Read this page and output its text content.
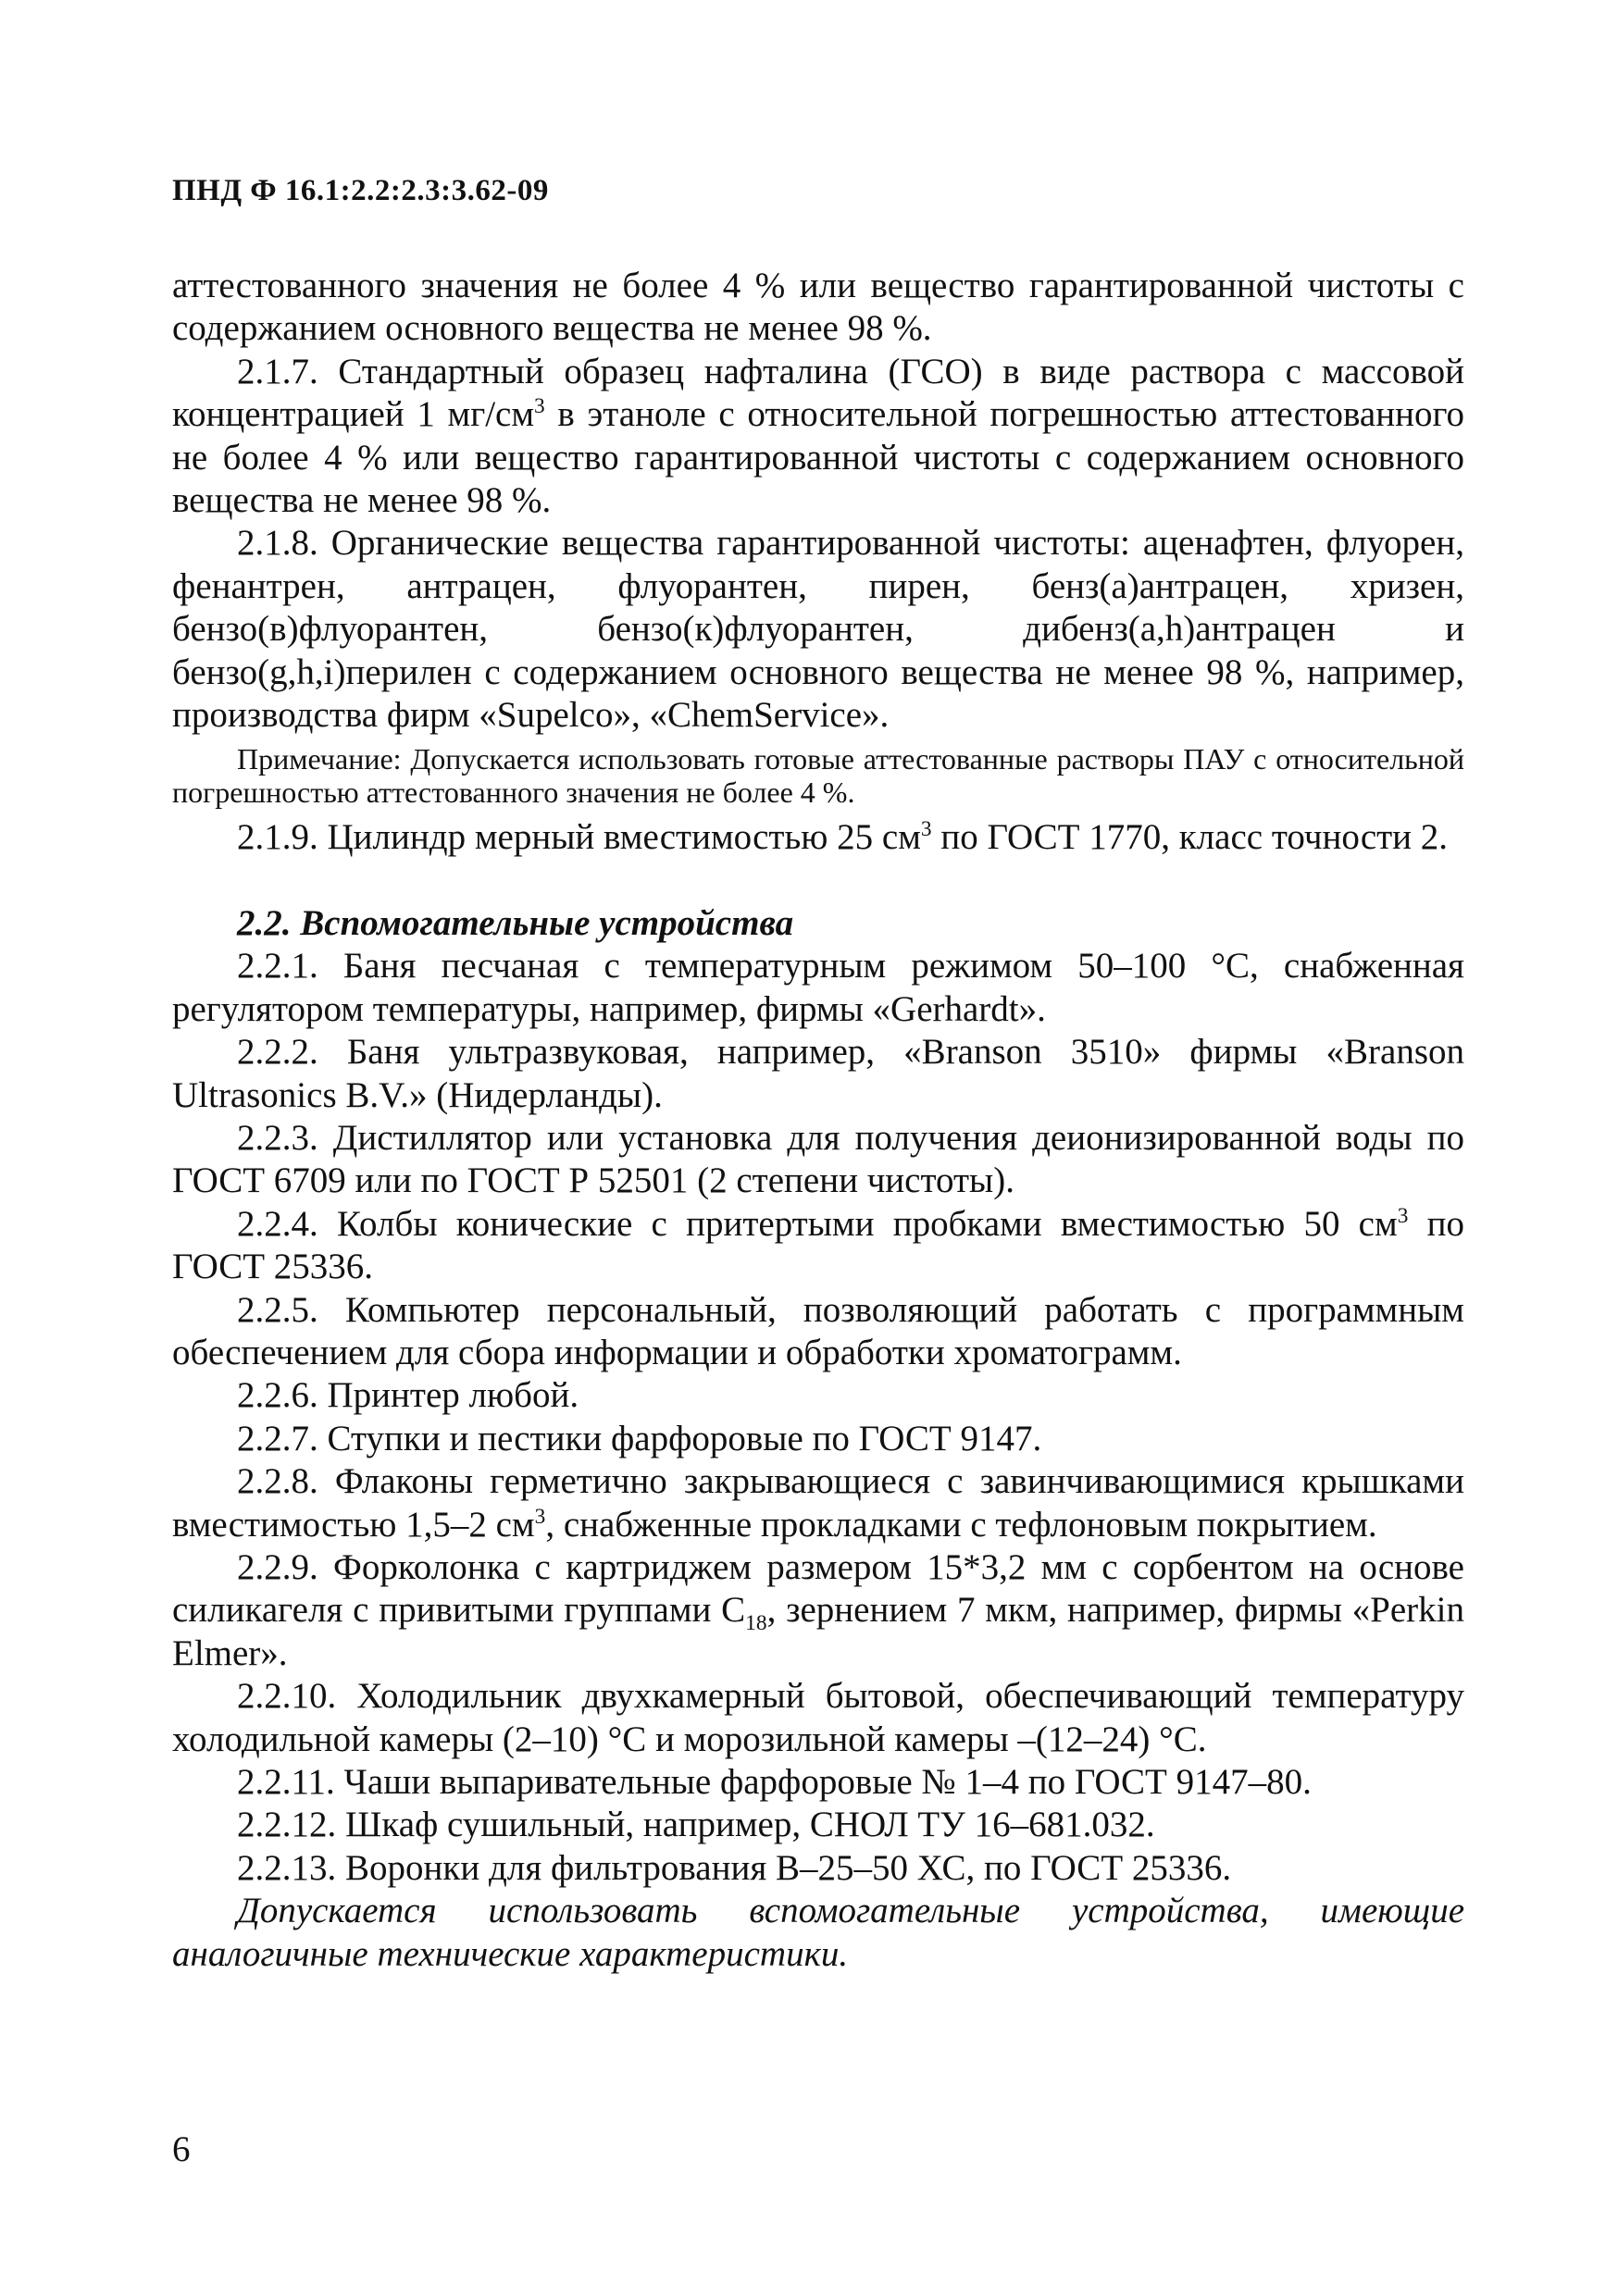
ПНД Ф 16.1:2.2:2.3:3.62-09

аттестованного значения не более 4 % или вещество гарантированной чистоты с содержанием основного вещества не менее 98 %.

2.1.7. Стандартный образец нафталина (ГСО) в виде раствора с массовой концентрацией 1 $мг/см^3$ в этаноле с относительной погрешностью аттестованного не более 4 % или вещество гарантированной чистоты с содержанием основного вещества не менее 98 %.

2.1.8. Органические вещества гарантированной чистоты: аценафтен, флуорен, фенантрен, антрацен, флуорантен, пирен, бенз(а)антрацен, хризен, бензо(в)флуорантен, бензо(к)флуорантен, дибенз(a,h)антрацен и бензо(g,h,i)перилен с содержанием основного вещества не менее 98 %, например, производства фирм «Supelco», «ChemService».

Примечание: Допускается использовать готовые аттестованные растворы ПАУ с относительной погрешностью аттестованного значения не более 4 %.

2.1.9. Цилиндр мерный вместимостью 25 $см^3$ по ГОСТ 1770, класс точности 2.

2.2. Вспомогательные устройства

2.2.1. Баня песчаная с температурным режимом 50–100 °С, снабженная регулятором температуры, например, фирмы «Gerhardt».

2.2.2. Баня ультразвуковая, например, «Branson 3510» фирмы «Branson Ultrasonics B.V.» (Нидерланды).

2.2.3. Дистиллятор или установка для получения деионизированной воды по ГОСТ 6709 или по ГОСТ Р 52501 (2 степени чистоты).

2.2.4. Колбы конические с притертыми пробками вместимостью 50 $см^3$ по ГОСТ 25336.

2.2.5. Компьютер персональный, позволяющий работать с программным обеспечением для сбора информации и обработки хроматограмм.

2.2.6. Принтер любой.

2.2.7. Ступки и пестики фарфоровые по ГОСТ 9147.

2.2.8. Флаконы герметично закрывающиеся с завинчивающимися крышками вместимостью 1,5–2 $см^3$, снабженные прокладками с тефлоновым покрытием.

2.2.9. Форколонка с картриджем размером 15*3,2 мм с сорбентом на основе силикагеля с привитыми группами $C_{18}$, зернением 7 мкм, например, фирмы «Perkin Elmer».

2.2.10. Холодильник двухкамерный бытовой, обеспечивающий температуру холодильной камеры (2–10) °С и морозильной камеры –(12–24) °С.

2.2.11. Чаши выпаривательные фарфоровые № 1–4 по ГОСТ 9147–80.

2.2.12. Шкаф сушильный, например, СНОЛ ТУ 16–681.032.

2.2.13. Воронки для фильтрования В–25–50 ХС, по ГОСТ 25336.

Допускается использовать вспомогательные устройства, имеющие аналогичные технические характеристики.

6
